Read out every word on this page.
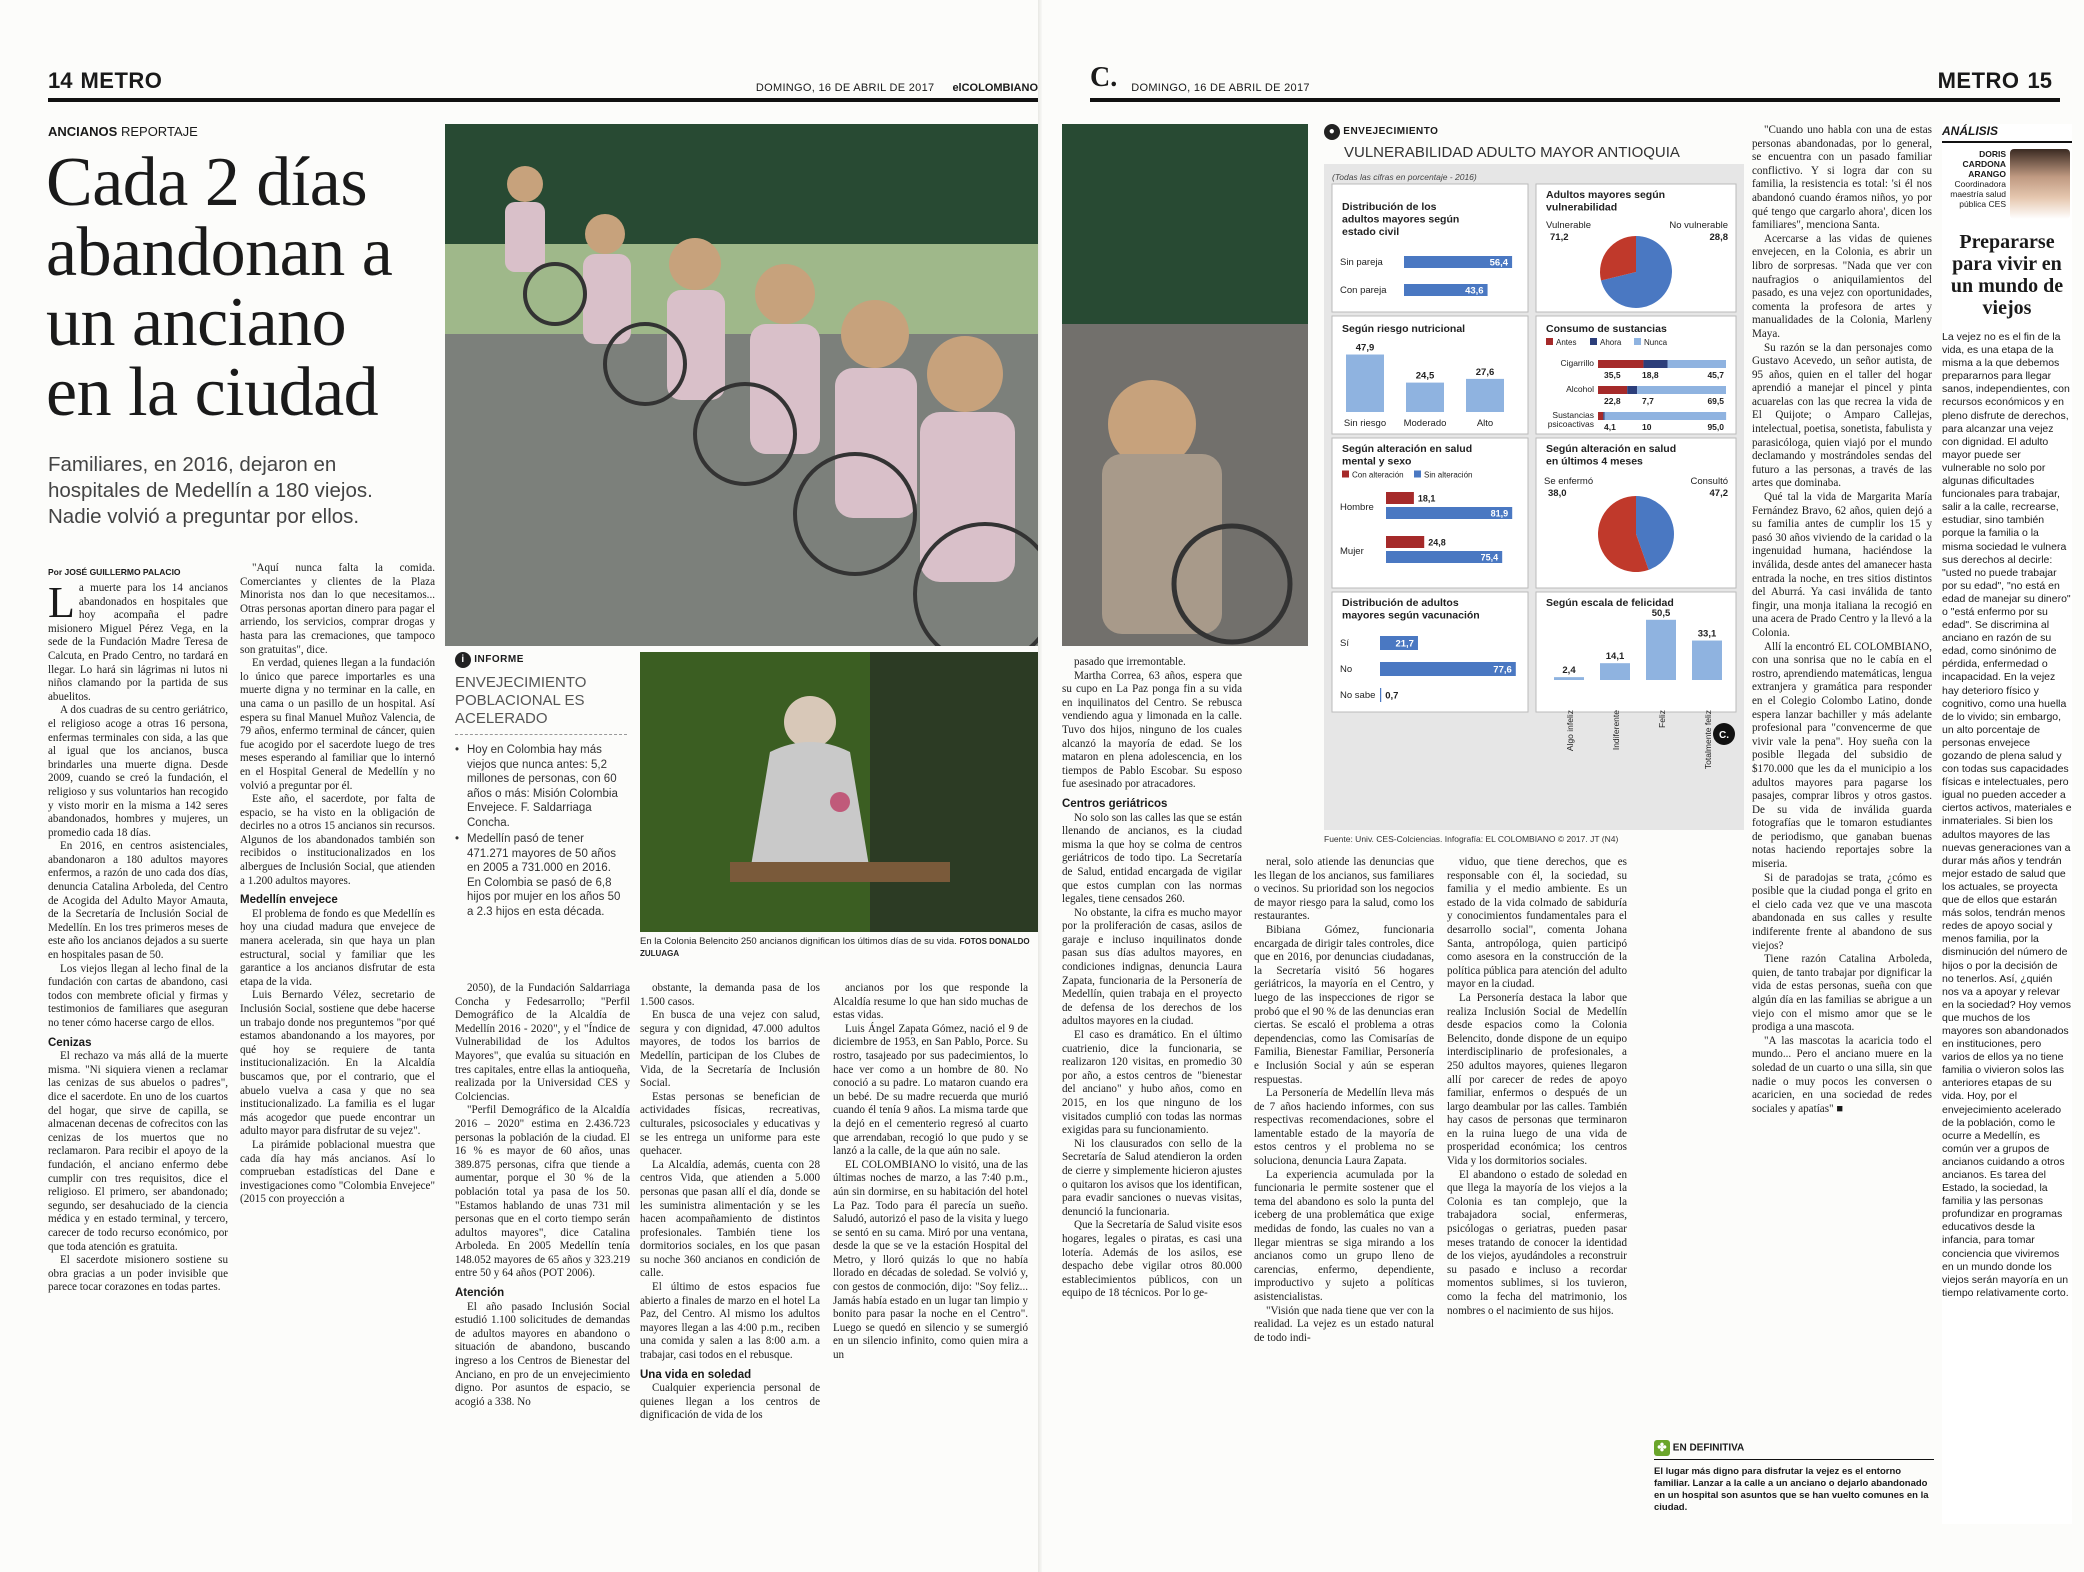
14 METRO	DOMINGO, 16 DE ABRIL DE 2017 elCOLOMBIANO
ANCIANOS REPORTAJE
Cada 2 días abandonan a un anciano en la ciudad
Familiares, en 2016, dejaron en hospitales de Medellín a 180 viejos. Nadie volvió a preguntar por ellos.
Por JOSÉ GUILLERMO PALACIO
En la Colonia Belencito 250 ancianos dignifican los últimos días de su vida. FOTOS DONALDO ZULUAGA
i INFORME
ENVEJECIMIENTO POBLACIONAL ES ACELERADO
• Hoy en Colombia hay más viejos que nunca antes: 5,2 millones de personas, con 60 años o más: Misión Colombia Envejece. F. Saldarriaga Concha.
• Medellín pasó de tener 471.271 mayores de 50 años en 2005 a 731.000 en 2016. En Colombia se pasó de 6,8 hijos por mujer en los años 50 a 2.3 hijos en esta década.

La muerte para los 14 ancianos abandonados en hospitales que hoy acompaña el padre misionero Miguel Pérez Vega, en la sede de la Fundación Madre Teresa de Calcuta, en Prado Centro, no tardará en llegar. Lo hará sin lágrimas ni lutos ni niños clamando por la partida de sus abuelitos.

A dos cuadras de su centro geriátrico, el religioso acoge a otras 16 persona, enfermas terminales con sida, a las que al igual que los ancianos, busca brindarles una muerte digna. Desde 2009, cuando se creó la fundación, el religioso y sus voluntarios han recogido y visto morir en la misma a 142 seres abandonados, hombres y mujeres, un promedio cada 18 días.

En 2016, en centros asistenciales, abandonaron a 180 adultos mayores enfermos, a razón de uno cada dos días, denuncia Catalina Arboleda, del Centro de Acogida del Adulto Mayor Amauta, de la Secretaría de Inclusión Social de Medellín. En los tres primeros meses de este año los ancianos dejados a su suerte en hospitales pasan de 50.

Los viejos llegan al lecho final de la fundación con cartas de abandono, casi todos con membrete oficial y firmas y testimonios de familiares que aseguran no tener cómo hacerse cargo de ellos.

Cenizas

El rechazo va más allá de la muerte misma. "Ni siquiera vienen a reclamar las cenizas de sus abuelos o padres", dice el sacerdote. En uno de los cuartos del hogar, que sirve de capilla, se almacenan decenas de cofrecitos con las cenizas de los muertos que no reclamaron. Para recibir el apoyo de la fundación, el anciano enfermo debe cumplir con tres requisitos, dice el religioso. El primero, ser abandonado; segundo, ser desahuciado de la ciencia médica y en estado terminal, y tercero, carecer de todo recurso económico, por que toda atención es gratuita.

El sacerdote misionero sostiene su obra gracias a un poder invisible que parece tocar corazones en todas partes.

"Aquí nunca falta la comida. Comerciantes y clientes de la Plaza Minorista nos dan lo que necesitamos... Otras personas aportan dinero para pagar el arriendo, los servicios, comprar drogas y hasta para las cremaciones, que tampoco son gratuitas", dice.

En verdad, quienes llegan a la fundación lo único que parece importarles es una muerte digna y no terminar en la calle, en una cama o un pasillo de un hospital. Así espera su final Manuel Muñoz Valencia, de 79 años, enfermo terminal de cáncer, quien fue acogido por el sacerdote luego de tres meses esperando al familiar que lo internó en el Hospital General de Medellín y no volvió a preguntar por él.

Este año, el sacerdote, por falta de espacio, se ha visto en la obligación de decirles no a otros 15 ancianos sin recursos. Algunos de los abandonados también son recibidos o institucionalizados en los albergues de Inclusión Social, que atienden a 1.200 adultos mayores.

Medellín envejece

El problema de fondo es que Medellín es hoy una ciudad madura que envejece de manera acelerada, sin que haya un plan estructural, social y familiar que les garantice a los ancianos disfrutar de esta etapa de la vida.

Luis Bernardo Vélez, secretario de Inclusión Social, sostiene que debe hacerse un trabajo donde nos preguntemos "por qué estamos abandonando a los mayores, por qué hoy se requiere de tanta institucionalización. En la Alcaldía buscamos que, por el contrario, que el abuelo vuelva a casa y que no sea institucionalizado. La familia es el lugar más acogedor que puede encontrar un adulto mayor para disfrutar de su vejez".

La pirámide poblacional muestra que cada día hay más ancianos. Así lo comprueban estadísticas del Dane e investigaciones como "Colombia Envejece" (2015 con proyección a

2050), de la Fundación Saldarriaga Concha y Fedesarrollo; "Perfil Demográfico de la Alcaldía de Medellín 2016 - 2020", y el "Índice de Vulnerabilidad de los Adultos Mayores", que evalúa su situación en tres capitales, entre ellas la antioqueña, realizada por la Universidad CES y Colciencias.

"Perfil Demográfico de la Alcaldía 2016 – 2020" estima en 2.436.723 personas la población de la ciudad. El 16 % es mayor de 60 años, unas 389.875 personas, cifra que tiende a aumentar, porque el 30 % de la población total ya pasa de los 50. "Estamos hablando de unas 731 mil personas que en el corto tiempo serán adultos mayores", dice Catalina Arboleda. En 2005 Medellín tenía 148.052 mayores de 65 años y 323.219 entre 50 y 64 años (POT 2006).

Atención

El año pasado Inclusión Social estudió 1.100 solicitudes de demandas de adultos mayores en abandono o situación de abandono, buscando ingreso a los Centros de Bienestar del Anciano, en pro de un envejecimiento digno. Por asuntos de espacio, se acogió a 338. No

obstante, la demanda pasa de los 1.500 casos.

En busca de una vejez con salud, segura y con dignidad, 47.000 adultos mayores, de todos los barrios de Medellín, participan de los Clubes de Vida, de la Secretaría de Inclusión Social.

Estas personas se benefician de actividades físicas, recreativas, culturales, psicosociales y educativas y se les entrega un uniforme para este quehacer.

La Alcaldía, además, cuenta con 28 centros Vida, que atienden a 5.000 personas que pasan allí el día, donde se les suministra alimentación y se les hacen acompañamiento de distintos profesionales. También tiene los dormitorios sociales, en los que pasan su noche 360 ancianos en condición de calle.

El último de estos espacios fue abierto a finales de marzo en el hotel La Paz, del Centro. Al mismo los adultos mayores llegan a las 4:00 p.m., reciben una comida y salen a las 8:00 a.m. a trabajar, casi todos en el rebusque.

Una vida en soledad

Cualquier experiencia personal de quienes llegan a los centros de dignificación de vida de los

ancianos por los que responde la Alcaldía resume lo que han sido muchas de estas vidas.

Luis Ángel Zapata Gómez, nació el 9 de diciembre de 1953, en San Pablo, Porce. Su rostro, tasajeado por sus padecimientos, lo hace ver como a un hombre de 80. No conoció a su padre. Lo mataron cuando era un bebé. De su madre recuerda que murió cuando él tenía 9 años. La misma tarde que la dejó en el cementerio regresó al cuarto que arrendaban, recogió lo que pudo y se lanzó a la calle, de la que aún no sale.

EL COLOMBIANO lo visitó, una de las últimas noches de marzo, a las 7:40 p.m., aún sin dormirse, en su habitación del hotel La Paz. Todo para él parecía un sueño. Saludó, autorizó el paso de la visita y luego se sentó en su cama. Miró por una ventana, desde la que se ve la estación Hospital del Metro, y lloró quizás lo que no había llorado en décadas de soledad. Se volvió y, con gestos de conmoción, dijo: "Soy feliz... Jamás había estado en un lugar tan limpio y bonito para pasar la noche en el Centro". Luego se quedó en silencio y se sumergió en un silencio infinito, como quien mira a un

C. DOMINGO, 16 DE ABRIL DE 2017	METRO 15
● ENVEJECIMIENTO
VULNERABILIDAD ADULTO MAYOR ANTIOQUIA
(Todas las cifras en porcentaje - 2016)
Distribución de los
adultos mayores según
estado civil
Sin pareja	56,4
Con pareja	43,6
Adultos mayores según
vulnerabilidad
Vulnerable
71,2
No vulnerable
28,8
Según riesgo nutricional
47,9
Sin riesgo
24,5
Moderado
27,6
Alto
Consumo de sustancias
Antes	Ahora	Nunca
Cigarrillo
35,5	18,8	45,7
Alcohol
22,8	7,7	69,5
Sustancias
psicoactivas 4,1	10	95,0
Según alteración en salud
mental y sexo
Con alteración	Sin alteración
Hombre
18,1
81,9
Mujer
24,8
75,4
Según alteración en salud
en últimos 4 meses
Se enfermó
38,0
Consultó
47,2
Distribución de adultos
mayores según vacunación
Sí	21,7
No	77,6
No sabe 0,7
Según escala de felicidad
2,4
Algo infeliz
14,1
Indiferente
50,5
Feliz
33,1
Totalmente feliz C.
Fuente: Univ. CES-Colciencias. Infografía: EL COLOMBIANO © 2017. JT (N4)

pasado que irremontable.

Martha Correa, 63 años, espera que su cupo en La Paz ponga fin a su vida en inquilinatos del Centro. Se rebusca vendiendo agua y limonada en la calle. Tuvo dos hijos, ninguno de los cuales alcanzó la mayoría de edad. Se los mataron en plena adolescencia, en los tiempos de Pablo Escobar. Su esposo fue asesinado por atracadores.

Centros geriátricos

No solo son las calles las que se están llenando de ancianos, es la ciudad misma la que hoy se colma de centros geriátricos de todo tipo. La Secretaría de Salud, entidad encargada de vigilar que estos cumplan con las normas legales, tiene censados 260.

No obstante, la cifra es mucho mayor por la proliferación de casas, asilos de garaje e incluso inquilinatos donde pasan sus días adultos mayores, en condiciones indignas, denuncia Laura Zapata, funcionaria de la Personería de Medellín, quien trabaja en el proyecto de defensa de los derechos de los adultos mayores en la ciudad.

El caso es dramático. En el último cuatrienio, dice la funcionaria, se realizaron 120 visitas, en promedio 30 por año, a estos centros de "bienestar del anciano" y hubo años, como en 2015, en los que ninguno de los visitados cumplió con todas las normas exigidas para su funcionamiento.

Ni los clausurados con sello de la Secretaría de Salud atendieron la orden de cierre y simplemente hicieron ajustes o quitaron los avisos que los identifican, para evadir sanciones o nuevas visitas, denunció la funcionaria.

Que la Secretaría de Salud visite esos hogares, legales o piratas, es casi una lotería. Además de los asilos, ese despacho debe vigilar otros 80.000 establecimientos públicos, con un equipo de 18 técnicos. Por lo ge-

neral, solo atiende las denuncias que les llegan de los ancianos, sus familiares o vecinos. Su prioridad son los negocios de mayor riesgo para la salud, como los restaurantes.

Bibiana Gómez, funcionaria encargada de dirigir tales controles, dice que en 2016, por denuncias ciudadanas, la Secretaría visitó 56 hogares geriátricos, la mayoría en el Centro, y luego de las inspecciones de rigor se probó que el 90 % de las denuncias eran ciertas. Se escaló el problema a otras dependencias, como las Comisarías de Familia, Bienestar Familiar, Personería e Inclusión Social y aún se esperan respuestas.

La Personería de Medellín lleva más de 7 años haciendo informes, con sus respectivas recomendaciones, sobre el lamentable estado de la mayoría de estos centros y el problema no se soluciona, denuncia Laura Zapata.

La experiencia acumulada por la funcionaria le permite sostener que el tema del abandono es solo la punta del iceberg de una problemática que exige medidas de fondo, las cuales no van a llegar mientras se siga mirando a los ancianos como un grupo lleno de carencias, enfermo, dependiente, improductivo y sujeto a políticas asistencialistas.

"Visión que nada tiene que ver con la realidad. La vejez es un estado natural de todo indi-

viduo, que tiene derechos, que es responsable con él, la sociedad, su familia y el medio ambiente. Es un estado de la vida colmado de sabiduría y conocimientos fundamentales para el desarrollo social", comenta Johana Santa, antropóloga, quien participó como asesora en la construcción de la política pública para atención del adulto mayor en la ciudad.

La Personería destaca la labor que realiza Inclusión Social de Medellín desde espacios como la Colonia Belencito, donde dispone de un equipo interdisciplinario de profesionales, a 250 adultos mayores, quienes llegaron allí por carecer de redes de apoyo familiar, enfermos o después de un largo deambular por las calles. También hay casos de personas que terminaron en la ruina luego de una vida de prosperidad económica; los centros Vida y los dormitorios sociales.

El abandono o estado de soledad en que llega la mayoría de los viejos a la Colonia es tan complejo, que la trabajadora social, enfermeras, psicólogas o geriatras, pueden pasar meses tratando de conocer la identidad de los viejos, ayudándoles a reconstruir su pasado e incluso a recordar momentos sublimes, si los tuvieron, como la fecha del matrimonio, los nombres o el nacimiento de sus hijos.

"Cuando uno habla con una de estas personas abandonadas, por lo general, se encuentra con un pasado familiar conflictivo. Y si logra dar con su familia, la resistencia es total: 'si él nos abandonó cuando éramos niños, yo por qué tengo que cargarlo ahora', dicen los familiares", menciona Santa.

Acercarse a las vidas de quienes envejecen, en la Colonia, es abrir un libro de sorpresas. "Nada que ver con naufragios o aniquilamientos del pasado, es una vejez con oportunidades, comenta la profesora de artes y manualidades de la Colonia, Marleny Maya.

Su razón se la dan personajes como Gustavo Acevedo, un señor autista, de 95 años, quien en el taller del hogar aprendió a manejar el pincel y pinta acuarelas con las que recrea la vida de El Quijote; o Amparo Callejas, intelectual, poetisa, sonetista, fabulista y parasicóloga, quien viajó por el mundo declamando y mostrándoles sendas del futuro a las personas, a través de las artes que dominaba.

Qué tal la vida de Margarita María Fernández Bravo, 62 años, quien dejó a su familia antes de cumplir los 15 y pasó 30 años viviendo de la caridad o la ingenuidad humana, haciéndose la inválida, desde antes del amanecer hasta entrada la noche, en tres sitios distintos del Aburrá. Ya casi inválida de tanto fingir, una monja italiana la recogió en una acera de Prado Centro y la llevó a la Colonia.

Allí la encontró EL COLOMBIANO, con una sonrisa que no le cabía en el rostro, aprendiendo matemáticas, lengua extranjera y gramática para responder en el Colegio Colombo Latino, donde espera lanzar bachiller y más adelante profesional para "convencerme de que vivir vale la pena". Hoy sueña con la posible llegada del subsidio de $170.000 que les da el municipio a los adultos mayores para pagarse los pasajes, comprar libros y otros gastos. De su vida de inválida guarda fotografías que le tomaron estudiantes de periodismo, que ganaban buenas notas haciendo reportajes sobre la miseria.

Si de paradojas se trata, ¿cómo es posible que la ciudad ponga el grito en el cielo cada vez que ve una mascota abandonada en sus calles y resulte indiferente frente al abandono de sus viejos?

Tiene razón Catalina Arboleda, quien, de tanto trabajar por dignificar la vida de estas personas, sueña con que algún día en las familias se abrigue a un viejo con el mismo amor que se le prodiga a una mascota.

"A las mascotas la acaricia todo el mundo... Pero el anciano muere en la soledad de un cuarto o una silla, sin que nadie o muy pocos les conversen o acaricien, en una sociedad de redes sociales y apatías" ■

ANÁLISIS
DORIS CARDONA ARANGO
Coordinadora maestría salud pública CES
Prepararse para vivir en un mundo de viejos
La vejez no es el fin de la vida, es una etapa de la misma a la que debemos prepararnos para llegar sanos, independientes, con recursos económicos y en pleno disfrute de derechos, para alcanzar una vejez con dignidad. El adulto mayor puede ser vulnerable no solo por algunas dificultades funcionales para trabajar, salir a la calle, recrearse, estudiar, sino también porque la familia o la misma sociedad le vulnera sus derechos al decirle: "usted no puede trabajar por su edad", "no está en edad de manejar su dinero" o "está enfermo por su edad". Se discrimina al anciano en razón de su edad, como sinónimo de pérdida, enfermedad o incapacidad. En la vejez hay deterioro físico y cognitivo, como una huella de lo vivido; sin embargo, un alto porcentaje de personas envejece gozando de plena salud y con todas sus capacidades físicas e intelectuales, pero igual no pueden acceder a ciertos activos, materiales e inmateriales. Si bien los adultos mayores de las nuevas generaciones van a durar más años y tendrán mejor estado de salud que los actuales, se proyecta que de ellos que estarán más solos, tendrán menos redes de apoyo social y menos familia, por la disminución del número de hijos o por la decisión de no tenerlos. Así, ¿quién nos va a apoyar y relevar en la sociedad? Hoy vemos que muchos de los mayores son abandonados en instituciones, pero varios de ellos ya no tiene familia o vivieron solos las anteriores etapas de su vida. Hoy, por el envejecimiento acelerado de la población, como le ocurre a Medellín, es común ver a grupos de ancianos cuidando a otros ancianos. Es tarea del Estado, la sociedad, la familia y las personas profundizar en programas educativos desde la infancia, para tomar conciencia que viviremos en un mundo donde los viejos serán mayoría en un tiempo relativamente corto.
✤ EN DEFINITIVA
El lugar más digno para disfrutar la vejez es el entorno familiar. Lanzar a la calle a un anciano o dejarlo abandonado en un hospital son asuntos que se han vuelto comunes en la ciudad.
